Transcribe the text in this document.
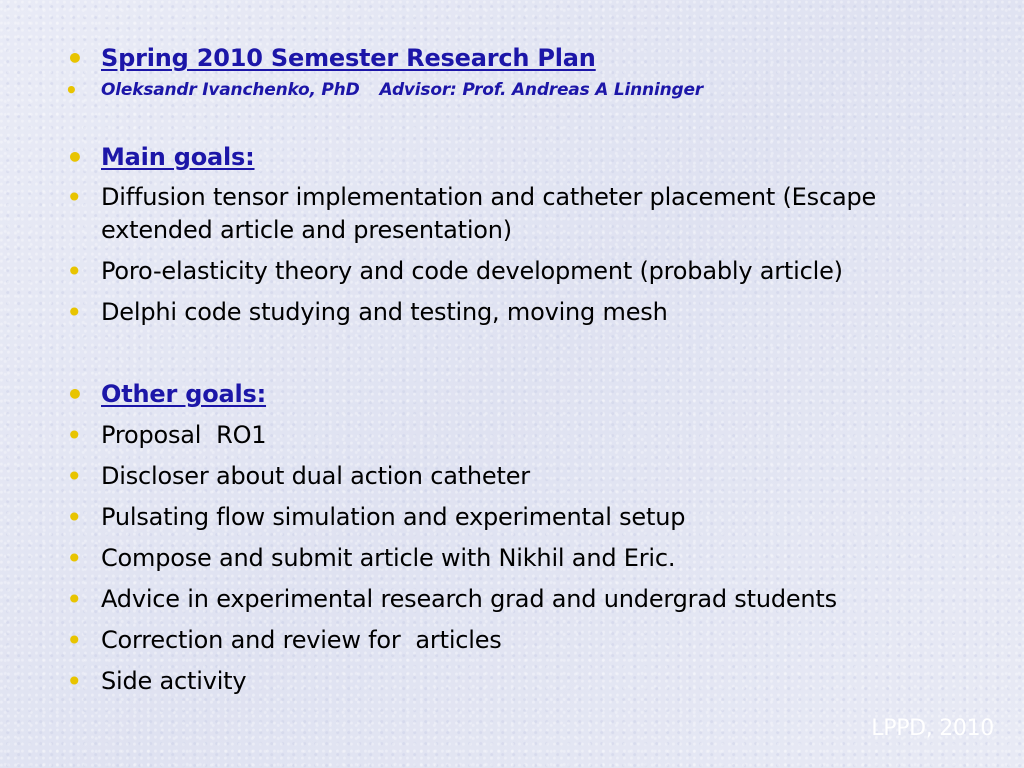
• Spring 2010 Semester Research Plan
• Oleksandr Ivanchenko, PhD Advisor: Prof. Andreas A Linninger
• Main goals:
• Diffusion tensor implementation and catheter placement (Escape extended article and presentation)
• Poro-elasticity theory and code development (probably article)
• Delphi code studying and testing, moving mesh
• Other goals:
• Proposal  RO1
• Discloser about dual action catheter
• Pulsating flow simulation and experimental setup
• Compose and submit article with Nikhil and Eric.
• Advice in experimental research grad and undergrad students
• Correction and review for  articles
• Side activity
LPPD, 2010
